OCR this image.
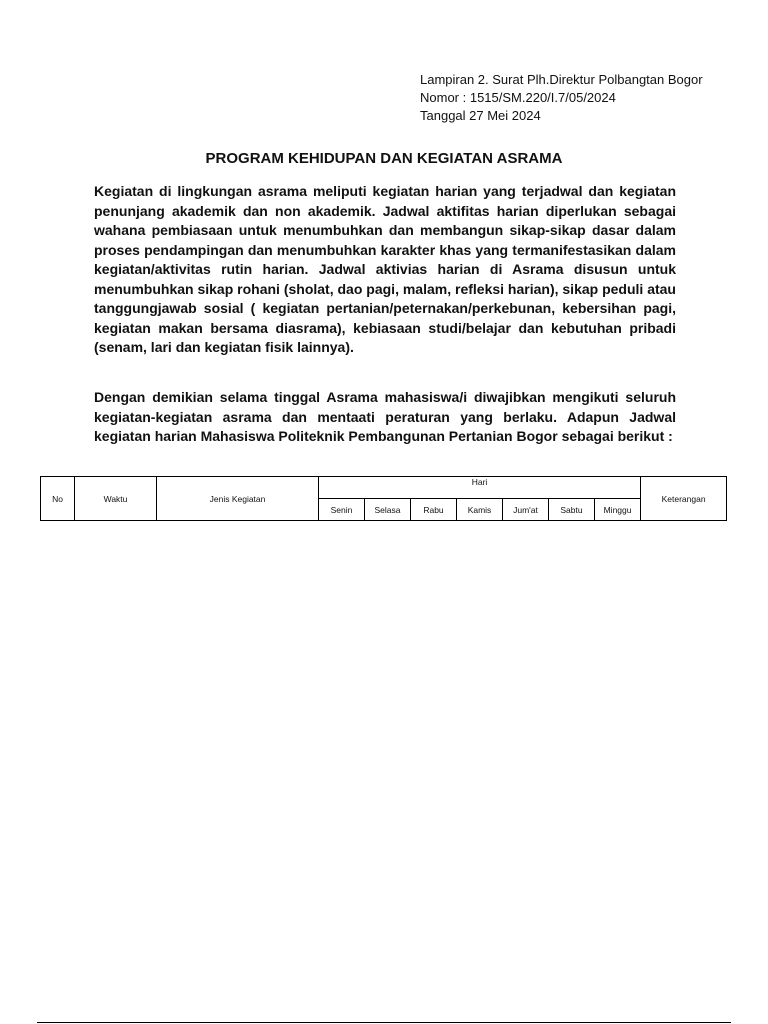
Lampiran 2. Surat Plh.Direktur Polbangtan Bogor
Nomor : 1515/SM.220/I.7/05/2024
Tanggal 27 Mei 2024
PROGRAM KEHIDUPAN DAN KEGIATAN ASRAMA
Kegiatan di lingkungan asrama meliputi kegiatan harian yang terjadwal dan kegiatan penunjang akademik dan non akademik. Jadwal aktifitas harian diperlukan sebagai wahana pembiasaan untuk menumbuhkan dan membangun sikap-sikap dasar dalam proses pendampingan dan menumbuhkan karakter khas yang termanifestasikan dalam kegiatan/aktivitas rutin harian. Jadwal aktivias harian di Asrama disusun untuk menumbuhkan sikap rohani (sholat, dao pagi, malam, refleksi harian), sikap peduli atau tanggungjawab sosial ( kegiatan pertanian/peternakan/perkebunan, kebersihan pagi, kegiatan makan bersama diasrama), kebiasaan studi/belajar dan kebutuhan pribadi (senam, lari dan kegiatan fisik lainnya).
Dengan demikian selama tinggal Asrama mahasiswa/i diwajibkan mengikuti seluruh kegiatan-kegiatan asrama dan mentaati peraturan yang berlaku. Adapun Jadwal kegiatan harian Mahasiswa Politeknik Pembangunan Pertanian Bogor sebagai berikut :
No	Waktu	Jenis Kegiatan	Hari							Keterangan
			Senin	Selasa	Rabu	Kamis	Jum'at	Sabtu	Minggu	
